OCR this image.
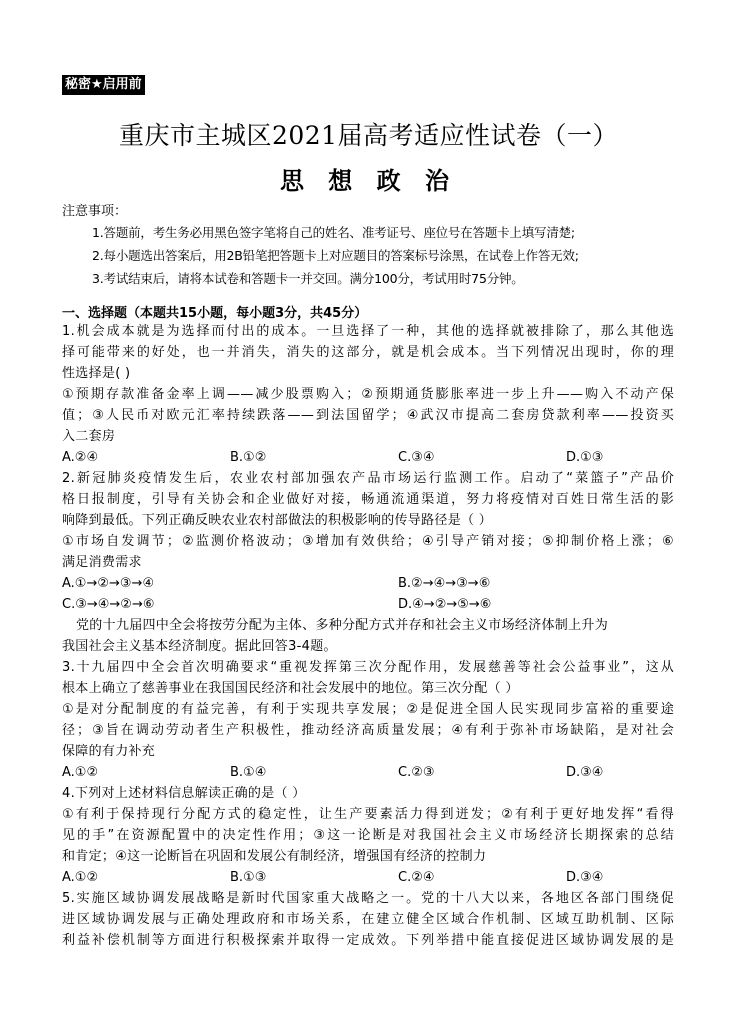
秘密★启用前
重庆市主城区2021届高考适应性试卷（一）
思 想 政 治
注意事项：
1.答题前，考生务必用黑色签字笔将自己的姓名、准考证号、座位号在答题卡上填写清楚;
2.每小题选出答案后，用2B铅笔把答题卡上对应题目的答案标号涂黑，在试卷上作答无效;
3.考试结束后，请将本试卷和答题卡一并交回。满分100分，考试用时75分钟。
一、选择题（本题共15小题，每小题3分，共45分）
1.机会成本就是为选择而付出的成本。一旦选择了一种，其他的选择就被排除了，那么其他选
择可能带来的好处，也一并消失，消失的这部分，就是机会成本。当下列情况出现时，你的理
性选择是( )
①预期存款准备金率上调——减少股票购入；②预期通货膨胀率进一步上升——购入不动产保
值；③人民币对欧元汇率持续跌落——到法国留学；④武汉市提高二套房贷款利率——投资买
入二套房
A.②④	B.①②	C.③④	D.①③
2.新冠肺炎疫情发生后，农业农村部加强农产品市场运行监测工作。启动了“菜篮子”产品价
格日报制度，引导有关协会和企业做好对接，畅通流通渠道，努力将疫情对百姓日常生活的影
响降到最低。下列正确反映农业农村部做法的积极影响的传导路径是（ ）
①市场自发调节；②监测价格波动；③增加有效供给；④引导产销对接；⑤抑制价格上涨；⑥
满足消费需求
A.①→②→③→④	B.②→④→③→⑥
C.③→④→②→⑥	D.④→②→⑤→⑥
党的十九届四中全会将按劳分配为主体、多种分配方式并存和社会主义市场经济体制上升为
我国社会主义基本经济制度。据此回答3-4题。
3.十九届四中全会首次明确要求“重视发挥第三次分配作用，发展慈善等社会公益事业”，这从
根本上确立了慈善事业在我国国民经济和社会发展中的地位。第三次分配（ ）
①是对分配制度的有益完善，有利于实现共享发展；②是促进全国人民实现同步富裕的重要途
径；③旨在调动劳动者生产积极性，推动经济高质量发展；④有利于弥补市场缺陷，是对社会
保障的有力补充
A.①②	B.①④	C.②③	D.③④
4.下列对上述材料信息解读正确的是（ ）
①有利于保持现行分配方式的稳定性，让生产要素活力得到迸发；②有利于更好地发挥“看得
见的手”在资源配置中的决定性作用；③这一论断是对我国社会主义市场经济长期探索的总结
和肯定；④这一论断旨在巩固和发展公有制经济，增强国有经济的控制力
A.①②	B.①③	C.②④	D.③④
5.实施区域协调发展战略是新时代国家重大战略之一。党的十八大以来，各地区各部门围绕促
进区域协调发展与正确处理政府和市场关系，在建立健全区域合作机制、区域互助机制、区际
利益补偿机制等方面进行积极探索并取得一定成效。下列举措中能直接促进区域协调发展的是
